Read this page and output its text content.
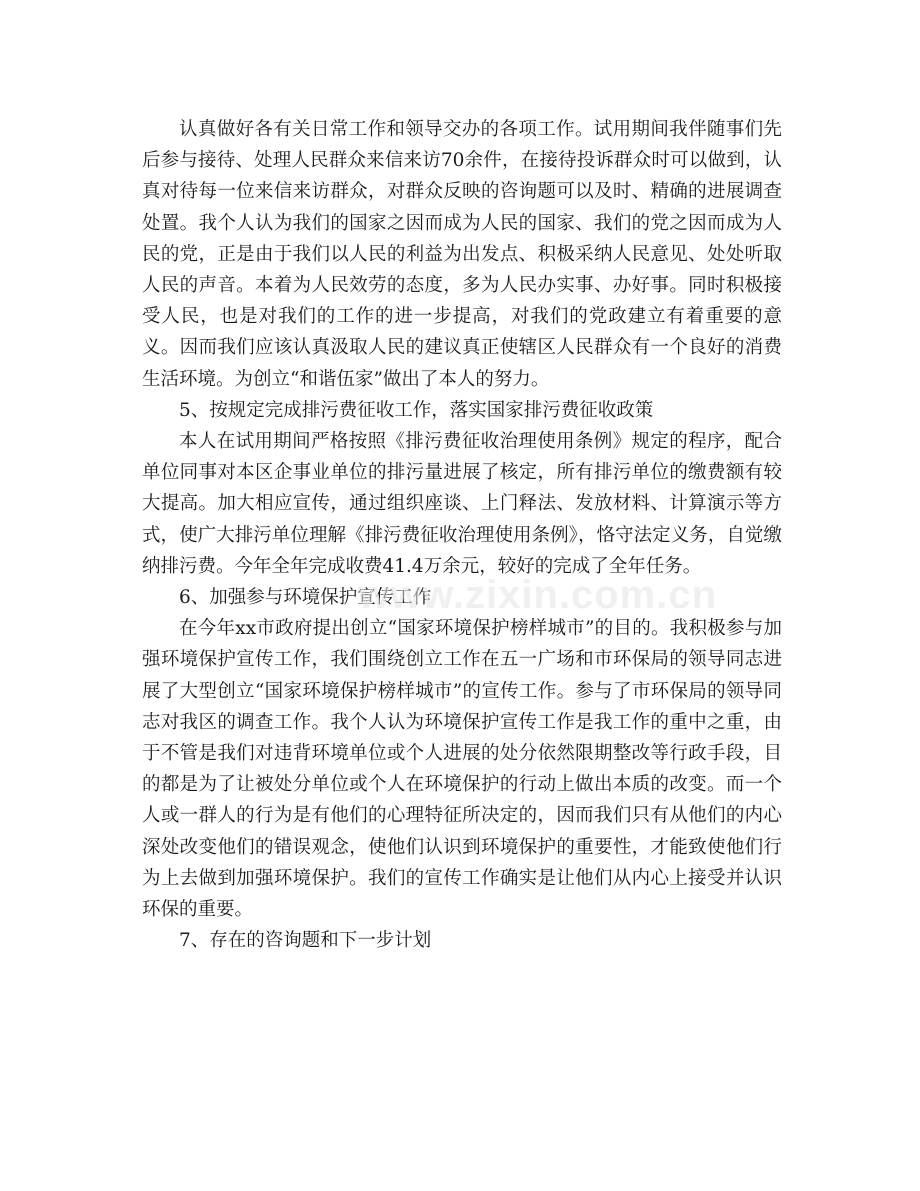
认真做好各有关日常工作和领导交办的各项工作。试用期间我伴随事们先后参与接待、处理人民群众来信来访70余件，在接待投诉群众时可以做到，认真对待每一位来信来访群众，对群众反映的咨询题可以及时、精确的进展调查处置。我个人认为我们的国家之因而成为人民的国家、我们的党之因而成为人民的党，正是由于我们以人民的利益为出发点、积极采纳人民意见、处处听取人民的声音。本着为人民效劳的态度，多为人民办实事、办好事。同时积极接受人民，也是对我们的工作的进一步提高，对我们的党政建立有着重要的意义。因而我们应该认真汲取人民的建议真正使辖区人民群众有一个良好的消费生活环境。为创立“和谐伍家”做出了本人的努力。

5、按规定完成排污费征收工作，落实国家排污费征收政策

本人在试用期间严格按照《排污费征收治理使用条例》规定的程序，配合单位同事对本区企事业单位的排污量进展了核定，所有排污单位的缴费额有较大提高。加大相应宣传，通过组织座谈、上门释法、发放材料、计算演示等方式，使广大排污单位理解《排污费征收治理使用条例》，恪守法定义务，自觉缴纳排污费。今年全年完成收费41.4万余元，较好的完成了全年任务。

6、加强参与环境保护宣传工作

在今年xx市政府提出创立“国家环境保护榜样城市”的目的。我积极参与加强环境保护宣传工作，我们围绕创立工作在五一广场和市环保局的领导同志进展了大型创立“国家环境保护榜样城市”的宣传工作。参与了市环保局的领导同志对我区的调查工作。我个人认为环境保护宣传工作是我工作的重中之重，由于不管是我们对违背环境单位或个人进展的处分依然限期整改等行政手段，目的都是为了让被处分单位或个人在环境保护的行动上做出本质的改变。而一个人或一群人的行为是有他们的心理特征所决定的，因而我们只有从他们的内心深处改变他们的错误观念，使他们认识到环境保护的重要性，才能致使他们行为上去做到加强环境保护。我们的宣传工作确实是让他们从内心上接受并认识环保的重要。

7、存在的咨询题和下一步计划

www.zixin.com.cn
